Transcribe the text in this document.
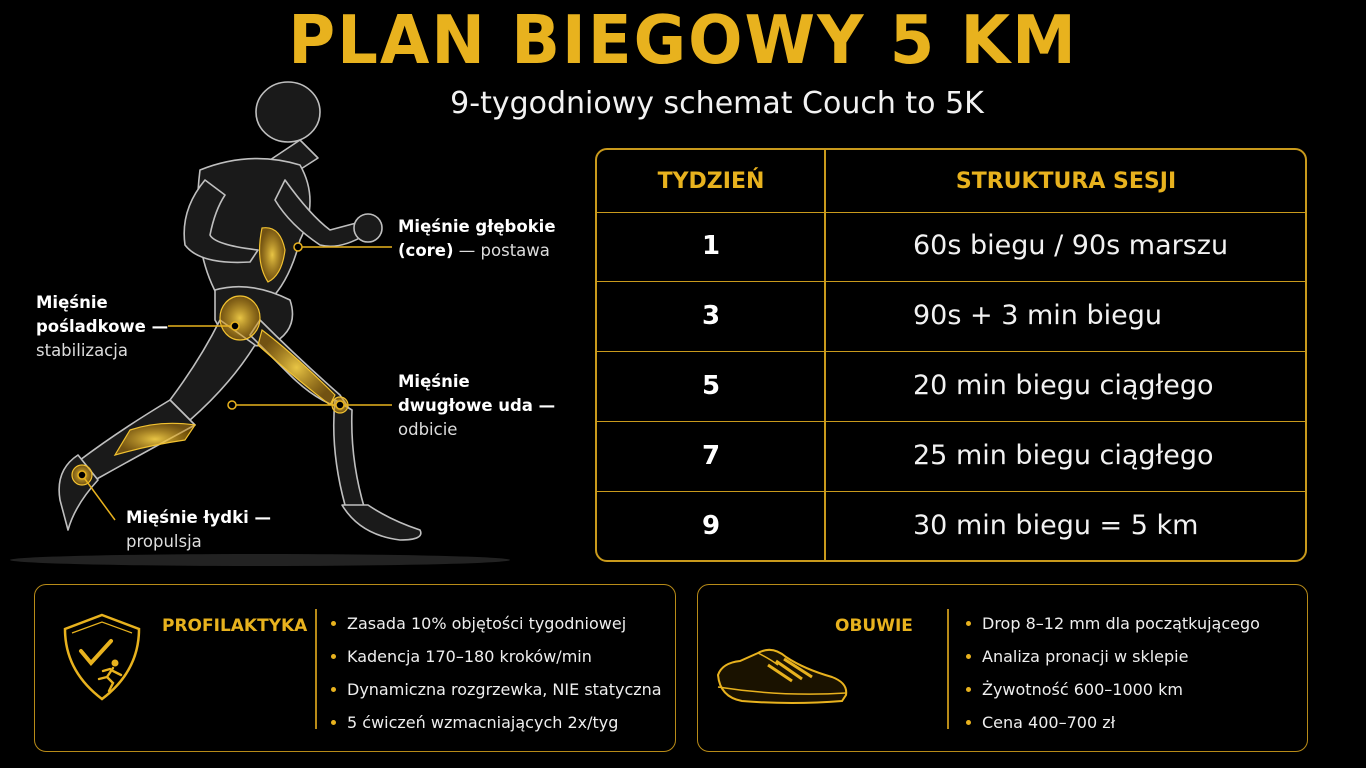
PLAN BIEGOWY 5 KM
9-tygodniowy schemat Couch to 5K
Mięśnie głębokie
(core) — postawa
Mięśnie
pośladkowe —
stabilizacja
Mięśnie
dwugłowe uda —
odbicie
Mięśnie łydki —
propulsja
TYDZIEŃ	STRUKTURA SESJI
1	60s biegu / 90s marszu
3	90s + 3 min biegu
5	20 min biegu ciągłego
7	25 min biegu ciągłego
9	30 min biegu = 5 km
PROFILAKTYKA	Zasada 10% objętości tygodniowej
Kadencja 170–180 kroków/min
Dynamiczna rozgrzewka, NIE statyczna
5 ćwiczeń wzmacniających 2x/tyg
OBUWIE	Drop 8–12 mm dla początkującego
Analiza pronacji w sklepie
Żywotność 600–1000 km
Cena 400–700 zł
